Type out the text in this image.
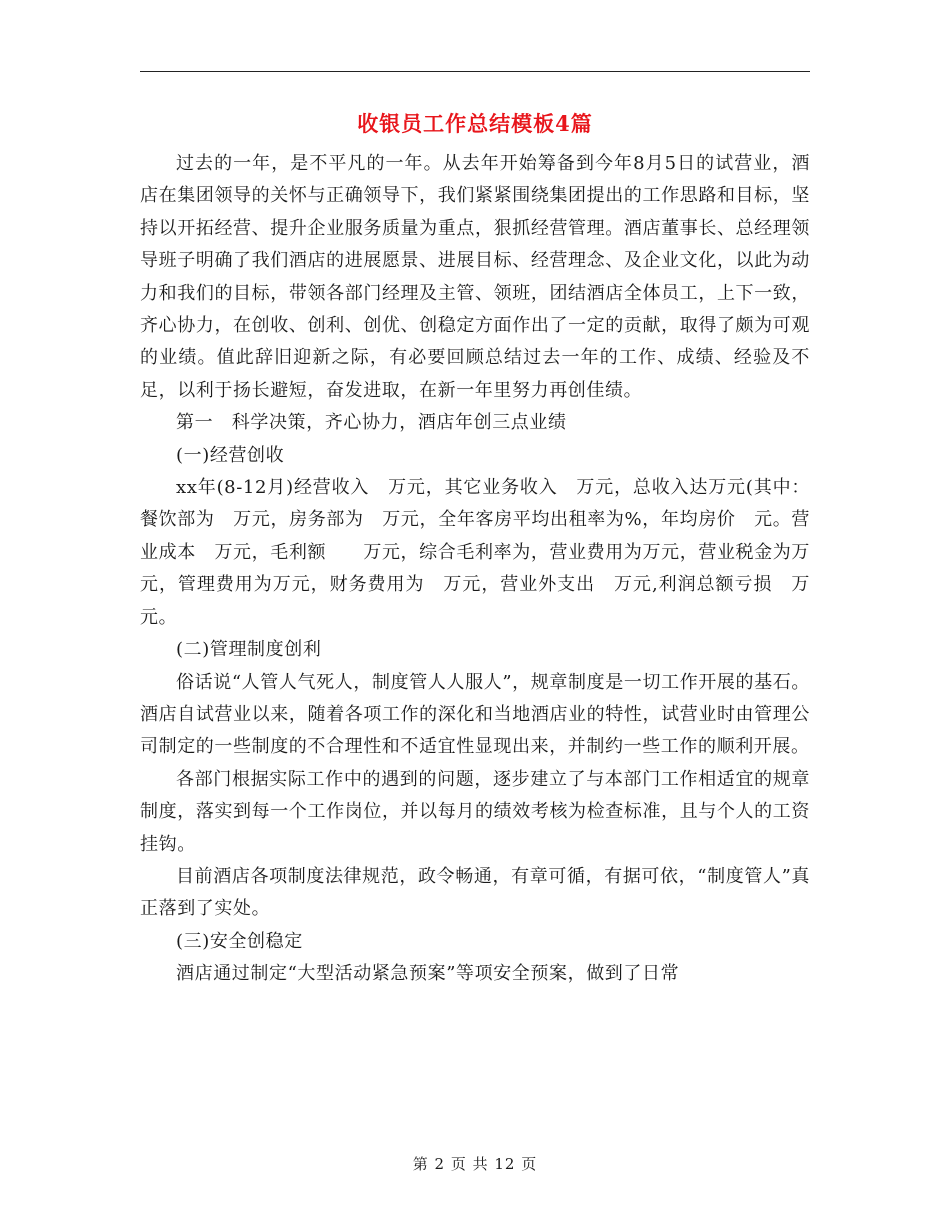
收银员工作总结模板4篇

过去的一年，是不平凡的一年。从去年开始筹备到今年8月5日的试营业，酒店在集团领导的关怀与正确领导下，我们紧紧围绕集团提出的工作思路和目标，坚持以开拓经营、提升企业服务质量为重点，狠抓经营管理。酒店董事长、总经理领导班子明确了我们酒店的进展愿景、进展目标、经营理念、及企业文化，以此为动力和我们的目标，带领各部门经理及主管、领班，团结酒店全体员工，上下一致，齐心协力，在创收、创利、创优、创稳定方面作出了一定的贡献，取得了颇为可观的业绩。值此辞旧迎新之际，有必要回顾总结过去一年的工作、成绩、经验及不足，以利于扬长避短，奋发进取，在新一年里努力再创佳绩。

第一　科学决策，齐心协力，酒店年创三点业绩

(一)经营创收

xx年(8-12月)经营收入　万元，其它业务收入　万元，总收入达万元(其中：餐饮部为　万元，房务部为　万元，全年客房平均出租率为%，年均房价　元。营业成本　万元，毛利额　　万元，综合毛利率为，营业费用为万元，营业税金为万元，管理费用为万元，财务费用为　万元，营业外支出　万元,利润总额亏损　万元。

(二)管理制度创利

俗话说“人管人气死人，制度管人人服人”，规章制度是一切工作开展的基石。酒店自试营业以来，随着各项工作的深化和当地酒店业的特性，试营业时由管理公司制定的一些制度的不合理性和不适宜性显现出来，并制约一些工作的顺利开展。

各部门根据实际工作中的遇到的问题，逐步建立了与本部门工作相适宜的规章制度，落实到每一个工作岗位，并以每月的绩效考核为检查标准，且与个人的工资挂钩。

目前酒店各项制度法律规范，政令畅通，有章可循，有据可依，“制度管人”真正落到了实处。

(三)安全创稳定

酒店通过制定“大型活动紧急预案”等项安全预案，做到了日常

第 2 页 共 12 页
